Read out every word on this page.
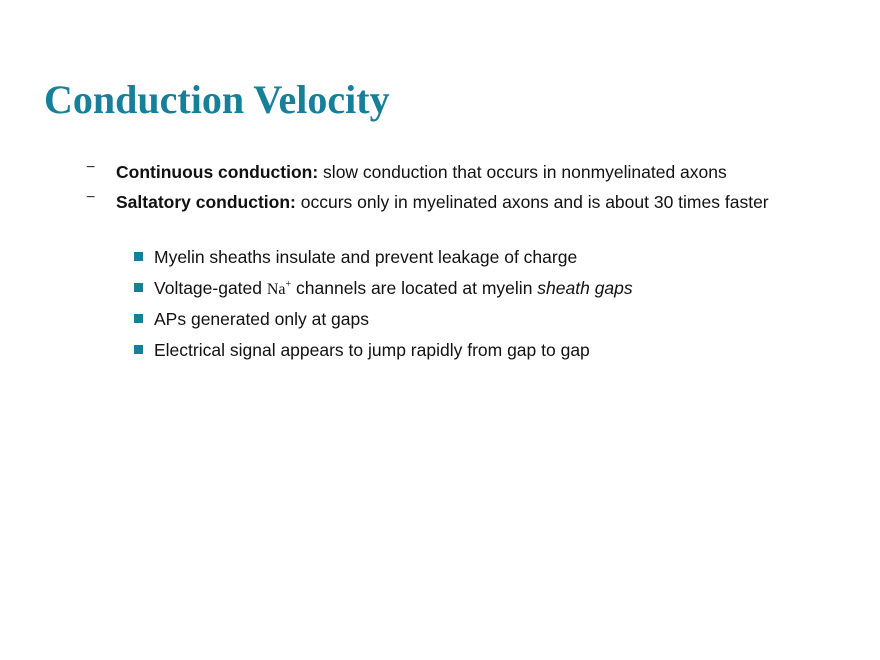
Conduction Velocity
− Continuous conduction: slow conduction that occurs in nonmyelinated axons
− Saltatory conduction: occurs only in myelinated axons and is about 30 times faster
Myelin sheaths insulate and prevent leakage of charge
Voltage-gated Na+ channels are located at myelin sheath gaps
APs generated only at gaps
Electrical signal appears to jump rapidly from gap to gap
